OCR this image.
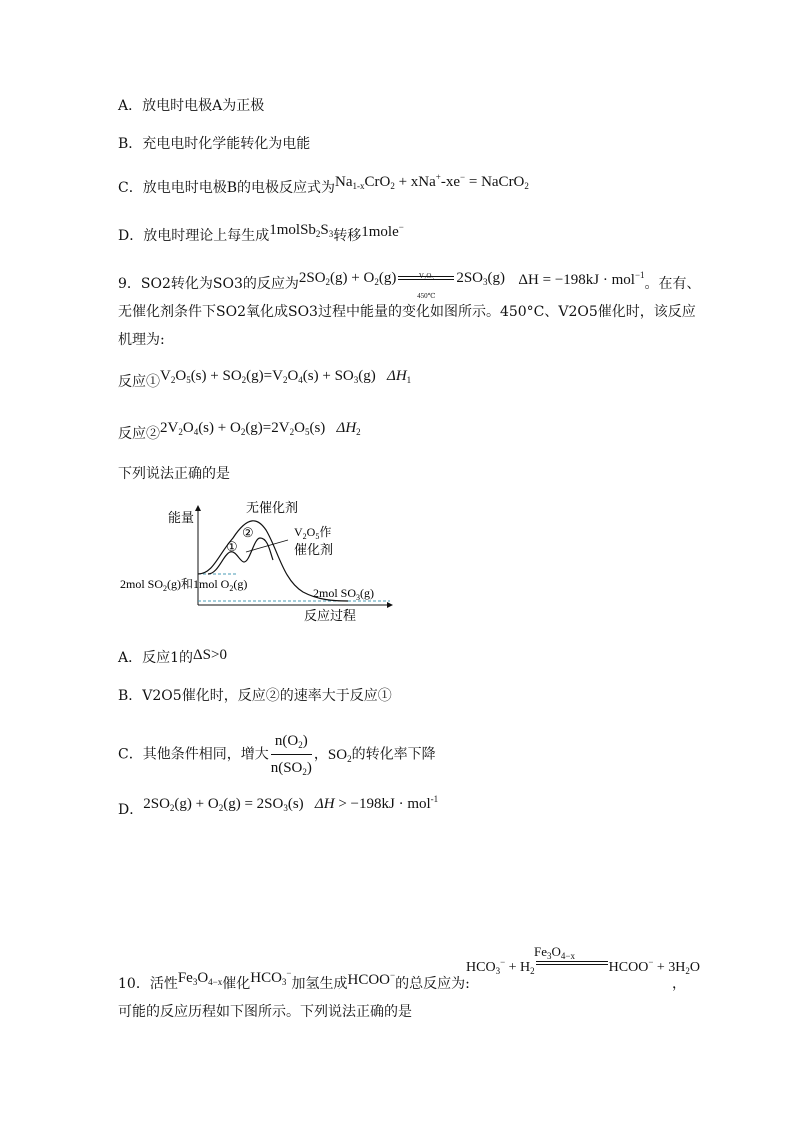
A．放电时电极A为正极
B．充电电时化学能转化为电能
C．放电电时电极B的电极反应式为$Na_{1-x}CrO_2 + xNa^+-xe^-$ = NaCrO$_2$
D．放电时理论上每生成$1molSb_2S_3$转移1mole−
9．SO2转化为SO3的反应为$2SO_2(g) + O_2(g) \frac{\text{V₂O₅}}{450℃} 2SO_3(g) \Delta H = -198kJ \cdot mol^{-1}$。在有、
无催化剂条件下SO2氧化成SO3过程中能量的变化如图所示。450°C、V2O5催化时，该反应
机理为:
反应$①V_2O_5(s) + SO_2(g)=V_2O_4(s) + SO_3(g)$   $\Delta H_1$
反应$②2V_2O_4(s) + O_2(g)=2V_2O_5(s)$   $\Delta H_2$
下列说法正确的是
能量
反应过程
无催化剂
②
①
$V_2O_5$作
催化剂
2mol $SO_2(g)$和1mol $O_2(g)$
2mol $SO_3(g)$
A．反应1的ΔS>0
B．V2O5催化时，反应②的速率大于反应①
C．其他条件相同，增大 $\frac{n(O_2)}{n(SO_2)}$ ，$SO_2$的转化率下降
D．$2SO_2(g) + O_2(g) = 2SO_3(s) \Delta H > -198kJ \cdot mol^{-1}$
$Fe_3O_{4-x}$
$HCO_3^- + H_2$	HCOO− + $3H_2O$
10．活性$Fe_3O_{4-x}$催化$HCO_3^-$加氢生成HCOO−的总反应为:	，
可能的反应历程如下图所示。下列说法正确的是
